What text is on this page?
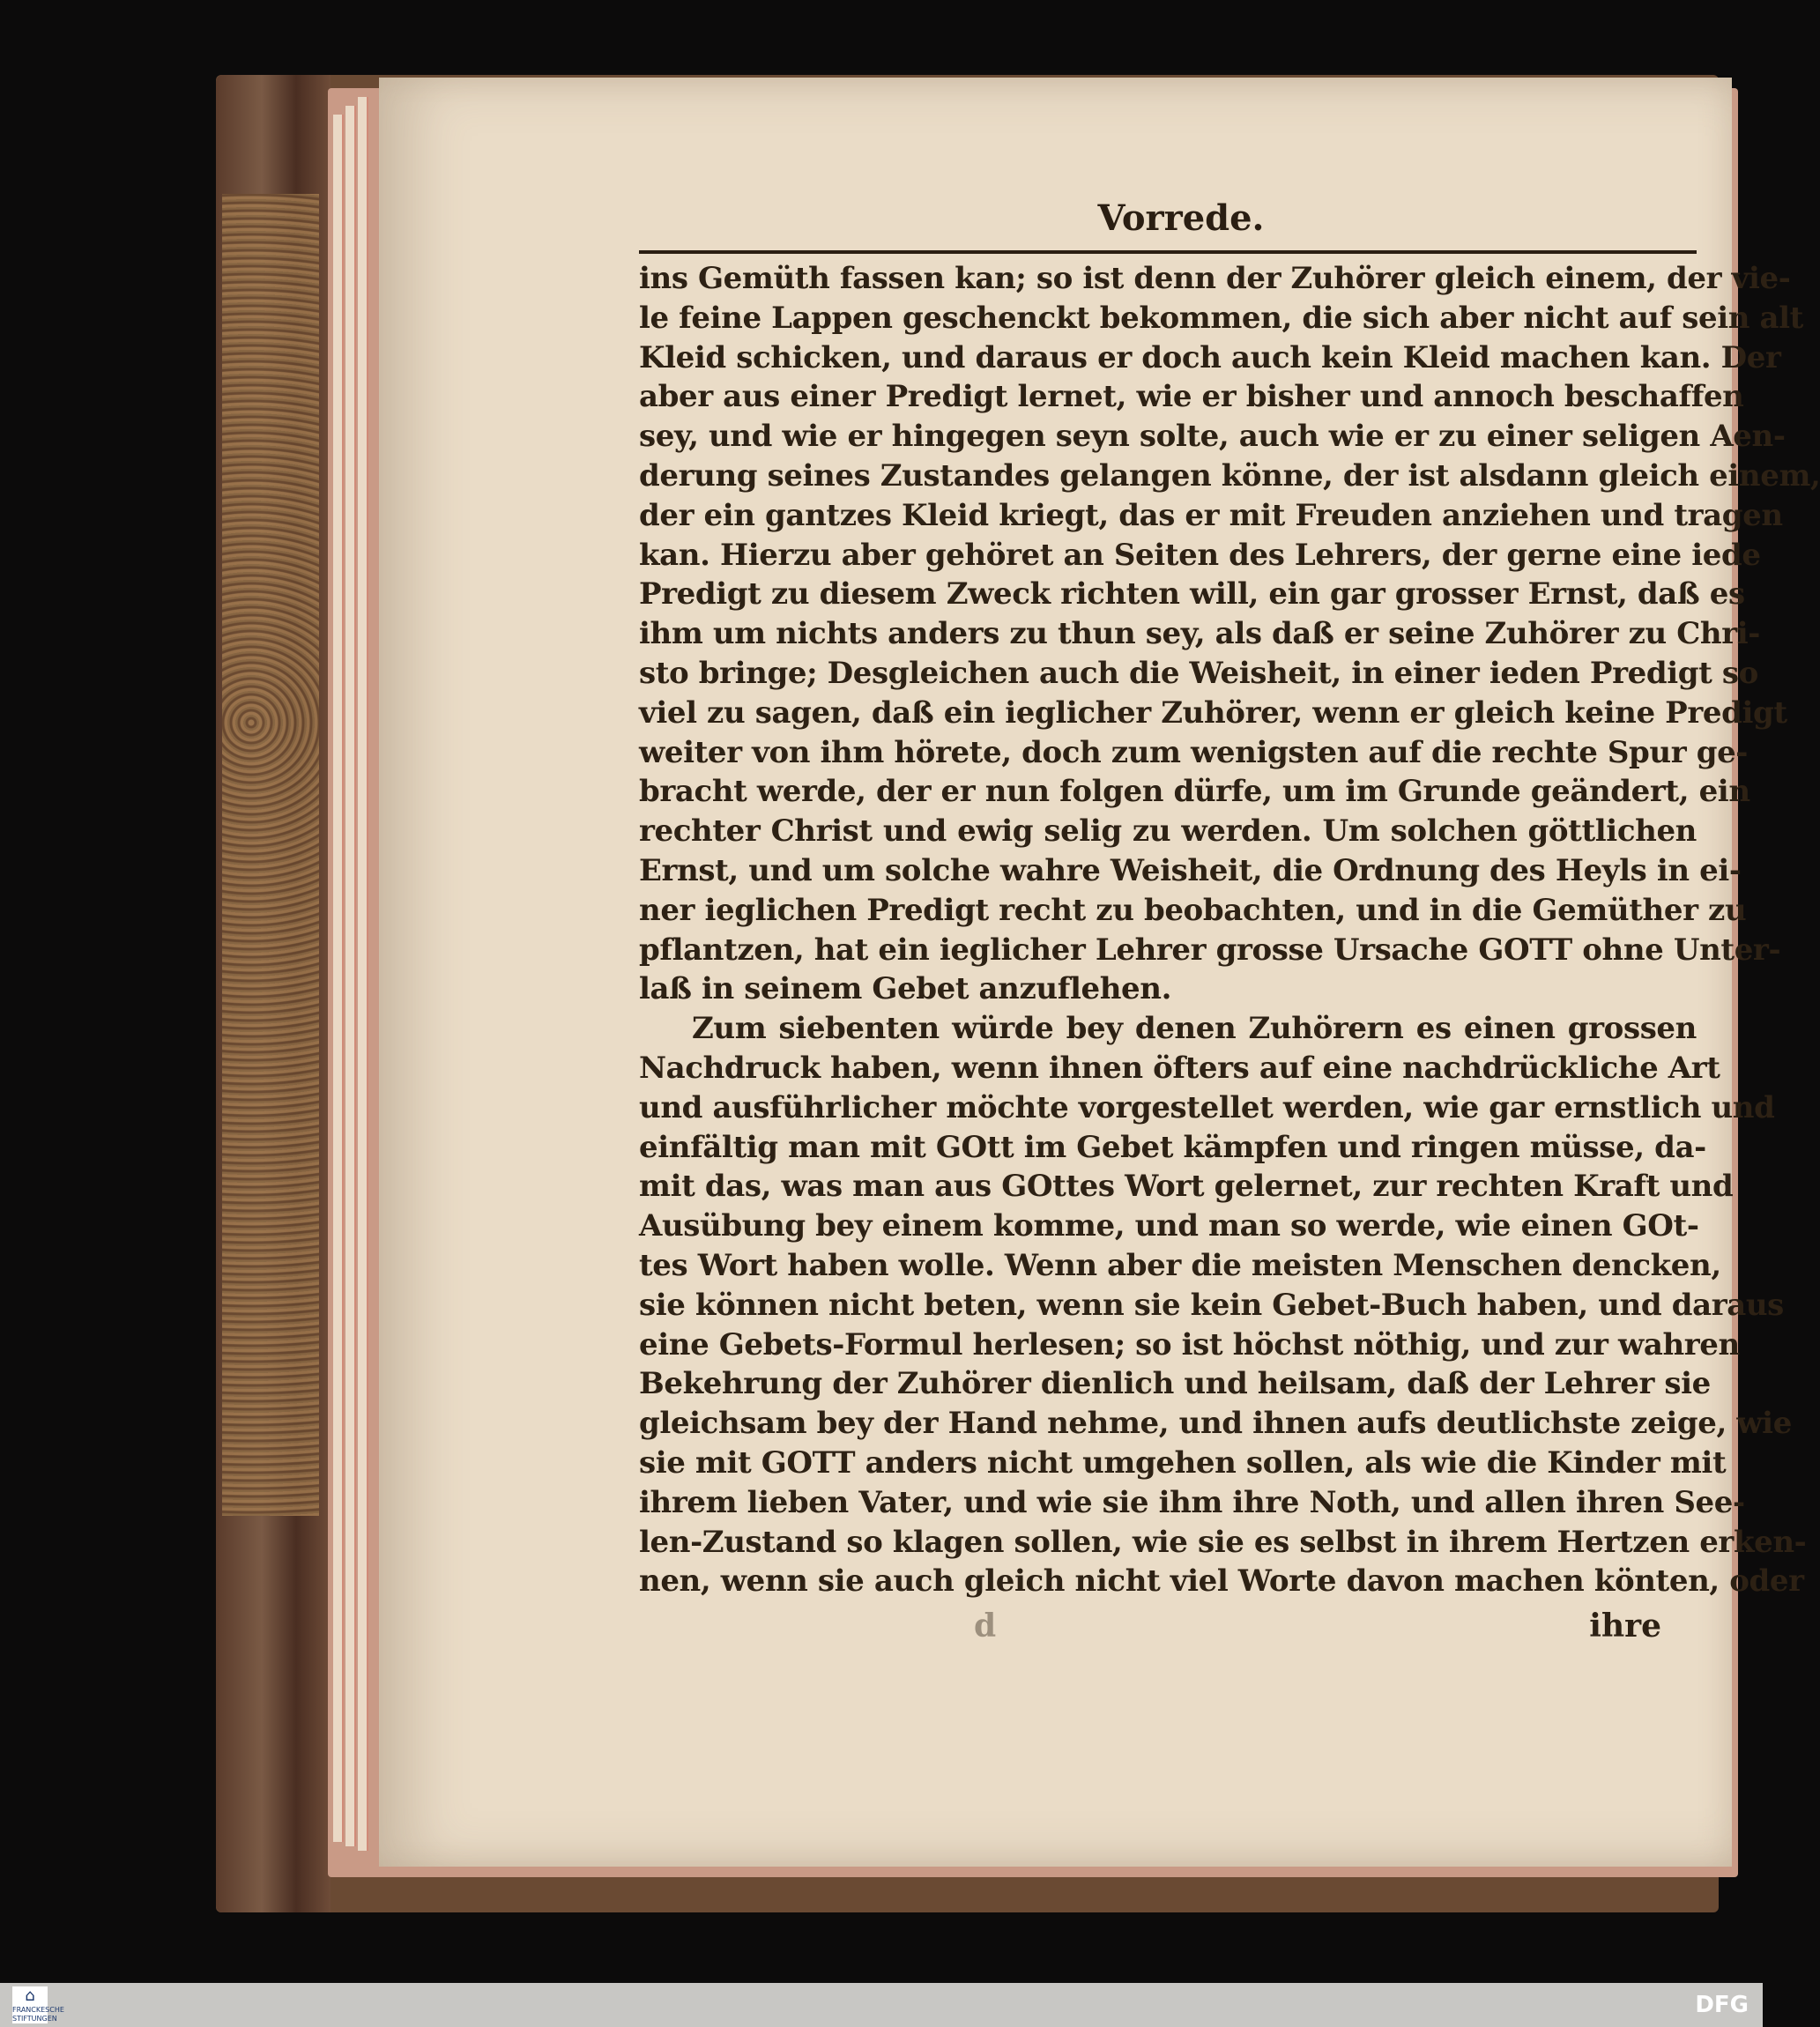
Vorrede.
ins Gemüth fassen kan; so ist denn der Zuhörer gleich einem, der vie-
le feine Lappen geschenckt bekommen, die sich aber nicht auf sein alt
Kleid schicken, und daraus er doch auch kein Kleid machen kan. Der
aber aus einer Predigt lernet, wie er bisher und annoch beschaffen
sey, und wie er hingegen seyn solte, auch wie er zu einer seligen Aen-
derung seines Zustandes gelangen könne, der ist alsdann gleich einem,
der ein gantzes Kleid kriegt, das er mit Freuden anziehen und tragen
kan. Hierzu aber gehöret an Seiten des Lehrers, der gerne eine iede
Predigt zu diesem Zweck richten will, ein gar grosser Ernst, daß es
ihm um nichts anders zu thun sey, als daß er seine Zuhörer zu Chri-
sto bringe; Desgleichen auch die Weisheit, in einer ieden Predigt so
viel zu sagen, daß ein ieglicher Zuhörer, wenn er gleich keine Predigt
weiter von ihm hörete, doch zum wenigsten auf die rechte Spur ge-
bracht werde, der er nun folgen dürfe, um im Grunde geändert, ein
rechter Christ und ewig selig zu werden. Um solchen göttlichen
Ernst, und um solche wahre Weisheit, die Ordnung des Heyls in ei-
ner ieglichen Predigt recht zu beobachten, und in die Gemüther zu
pflantzen, hat ein ieglicher Lehrer grosse Ursache GOTT ohne Unter-
laß in seinem Gebet anzuflehen.
Zum siebenten würde bey denen Zuhörern es einen grossen
Nachdruck haben, wenn ihnen öfters auf eine nachdrückliche Art
und ausführlicher möchte vorgestellet werden, wie gar ernstlich und
einfältig man mit GOtt im Gebet kämpfen und ringen müsse, da-
mit das, was man aus GOttes Wort gelernet, zur rechten Kraft und
Ausübung bey einem komme, und man so werde, wie einen GOt-
tes Wort haben wolle. Wenn aber die meisten Menschen dencken,
sie können nicht beten, wenn sie kein Gebet-Buch haben, und daraus
eine Gebets-Formul herlesen; so ist höchst nöthig, und zur wahren
Bekehrung der Zuhörer dienlich und heilsam, daß der Lehrer sie
gleichsam bey der Hand nehme, und ihnen aufs deutlichste zeige, wie
sie mit GOTT anders nicht umgehen sollen, als wie die Kinder mit
ihrem lieben Vater, und wie sie ihm ihre Noth, und allen ihren See-
len-Zustand so klagen sollen, wie sie es selbst in ihrem Hertzen erken-
nen, wenn sie auch gleich nicht viel Worte davon machen könten, oder
d	ihre
⌂
FRANCKESCHE STIFTUNGEN
DFG
